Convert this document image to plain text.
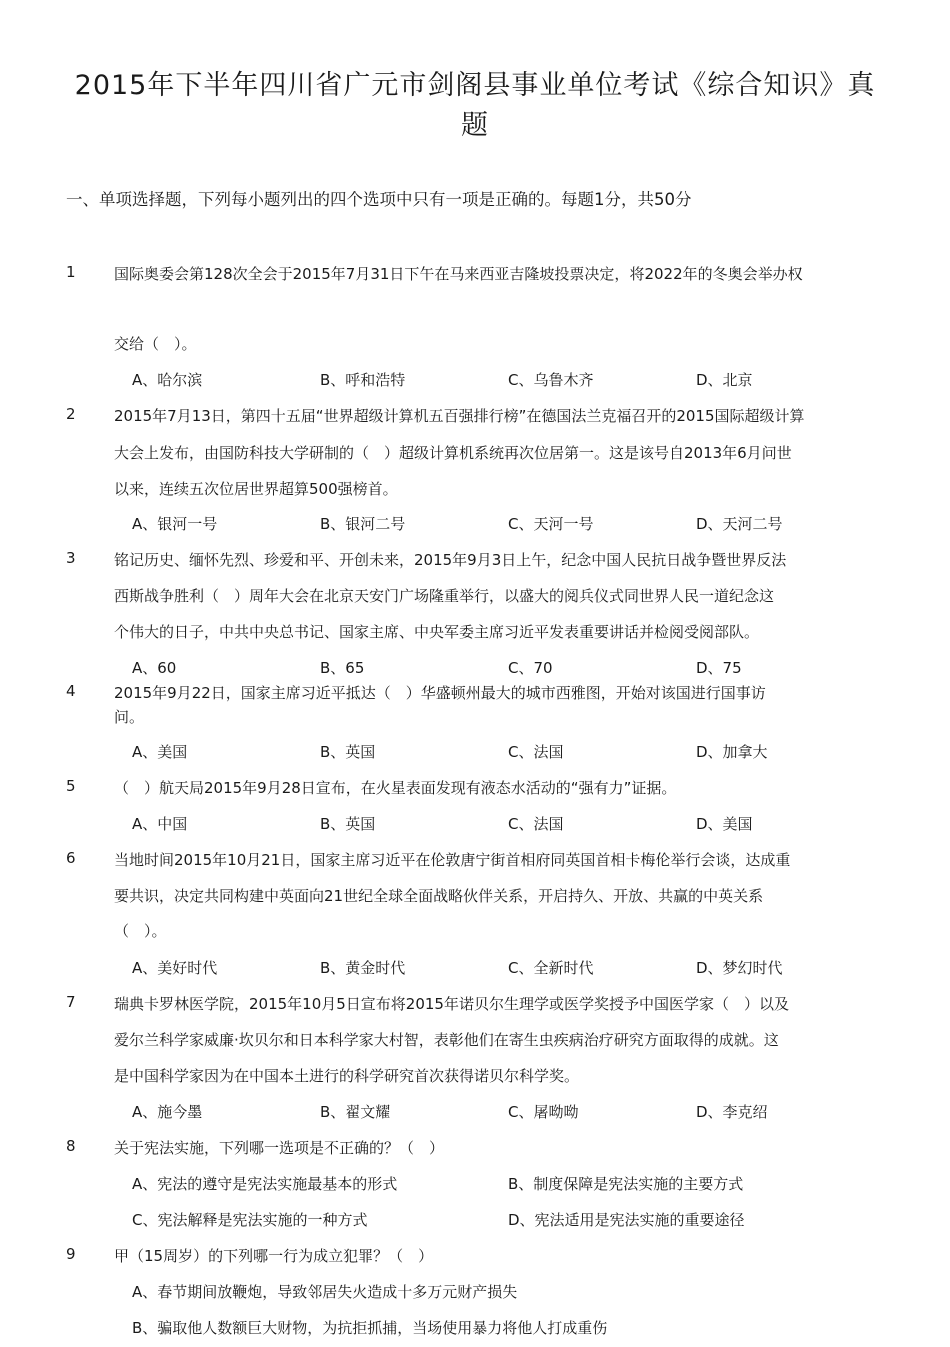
2015年下半年四川省广元市剑阁县事业单位考试《综合知识》真
题
一、单项选择题，下列每小题列出的四个选项中只有一项是正确的。每题1分，共50分
1	国际奥委会第128次全会于2015年7月31日下午在马来西亚吉隆坡投票决定，将2022年的冬奥会举办权
交给（　）。
A、哈尔滨	B、呼和浩特	C、乌鲁木齐	D、北京
2	2015年7月13日，第四十五届“世界超级计算机五百强排行榜”在德国法兰克福召开的2015国际超级计算
大会上发布，由国防科技大学研制的（　）超级计算机系统再次位居第一。这是该号自2013年6月问世
以来，连续五次位居世界超算500强榜首。
A、银河一号	B、银河二号	C、天河一号	D、天河二号
3	铭记历史、缅怀先烈、珍爱和平、开创未来，2015年9月3日上午，纪念中国人民抗日战争暨世界反法
西斯战争胜利（　）周年大会在北京天安门广场隆重举行，以盛大的阅兵仪式同世界人民一道纪念这
个伟大的日子，中共中央总书记、国家主席、中央军委主席习近平发表重要讲话并检阅受阅部队。
A、60	B、65	C、70	D、75
4	2015年9月22日，国家主席习近平抵达（　）华盛顿州最大的城市西雅图，开始对该国进行国事访
问。
A、美国	B、英国	C、法国	D、加拿大
5	（　）航天局2015年9月28日宣布，在火星表面发现有液态水活动的“强有力”证据。
A、中国	B、英国	C、法国	D、美国
6	当地时间2015年10月21日，国家主席习近平在伦敦唐宁街首相府同英国首相卡梅伦举行会谈，达成重
要共识，决定共同构建中英面向21世纪全球全面战略伙伴关系，开启持久、开放、共赢的中英关系
（　）。
A、美好时代	B、黄金时代	C、全新时代	D、梦幻时代
7	瑞典卡罗林医学院，2015年10月5日宣布将2015年诺贝尔生理学或医学奖授予中国医学家（　）以及
爱尔兰科学家威廉·坎贝尔和日本科学家大村智，表彰他们在寄生虫疾病治疗研究方面取得的成就。这
是中国科学家因为在中国本土进行的科学研究首次获得诺贝尔科学奖。
A、施今墨	B、翟文耀	C、屠呦呦	D、李克绍
8	关于宪法实施，下列哪一选项是不正确的？（　）
A、宪法的遵守是宪法实施最基本的形式	B、制度保障是宪法实施的主要方式
C、宪法解释是宪法实施的一种方式	D、宪法适用是宪法实施的重要途径
9	甲（15周岁）的下列哪一行为成立犯罪？（　）
A、春节期间放鞭炮，导致邻居失火造成十多万元财产损失
B、骗取他人数额巨大财物，为抗拒抓捕，当场使用暴力将他人打成重伤
